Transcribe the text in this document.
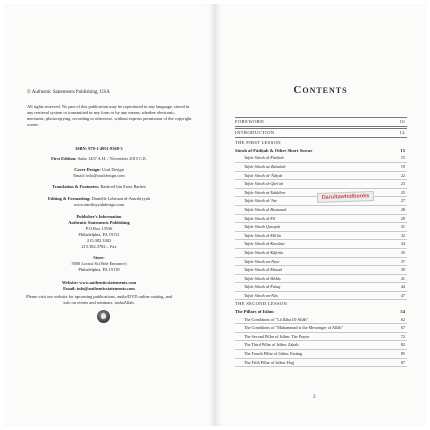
© Authentic Statements Publishing, USA
All rights reserved. No part of this publication may be reproduced in any language, stored in any retrieval system or transmitted in any form or by any means, whether electronic, mechanic, photocopying, recording or otherwise, without express permission of the copyright owner.
ISBN: 978-1-4951-8368-3
First Edition: Safar 1437 A.H. / November 2015 C.E.
Cover Design: Usul Design
Email: info@usuldesign.com
Translation & Footnotes: Rashced bin Estes Barbee
Editing & Formatting: Danielle Lebeuon al-Amrikiyyah
www.amrikiyyahdesign.com
Publisher's Information
Authentic Statements Publishing
P.O.Box 15536
Philadelphia, PA 19131
215.382.3382
215.382.3782 – Fax
Store:
5000 Locust St.(Side Entrance)
Philadelphia, PA 19139
Website: www.authenticstatements.com
Email: info@authenticstatements.com
Please visit our website for upcoming publications, audio/DVD online catalog, and info on events and seminars, inshaAllah.
Contents
FOREWORD	10
INTRODUCTION	12
THE FIRST LESSON
Sūrah al-Fātiḥah & Other Short Suwar	15
Tafsīr Sūrah al-Fātiḥah	15
Tafsīr Sūrah az-Zalzalah	19
Tafsīr Sūrah al-'Ādiyāt	22
Tafsīr Sūrah al-Qāri'ah	23
Tafsīr Sūrah at-Takāthur	25
Tafsīr Sūrah al-'Asr	27
Tafsīr Sūrah al-Humazah	28
Tafsīr Sūrah al-Fīl	29
Tafsīr Sūrah Quraysh	31
Tafsīr Sūrah al-Mā'ūn	32
Tafsīr Sūrah al-Kawthar	34
Tafsīr Sūrah al-Kāfirūn	35
Tafsīr Sūrah an-Naṣr	37
Tafsīr Sūrah al-Masad	39
Tafsīr Sūrah al-Ikhlāṣ	41
Tafsīr Sūrah al-Falaq	44
Tafsīr Sūrah an-Nās	47
THE SECOND LESSON
The Pillars of Islām	54
The Conditions of "Lā Ilāha Ill-Allāh"	62
The Conditions of "Muhammad is the Messenger of Allāh"	67
The Second Pillar of Islām: The Prayer	72
The Third Pillar of Islām: Zakah	82
The Fourth Pillar of Islām: Fasting	85
The Fifth Pillar of Islām: Hajj	87
Darultawhidbooks
3
